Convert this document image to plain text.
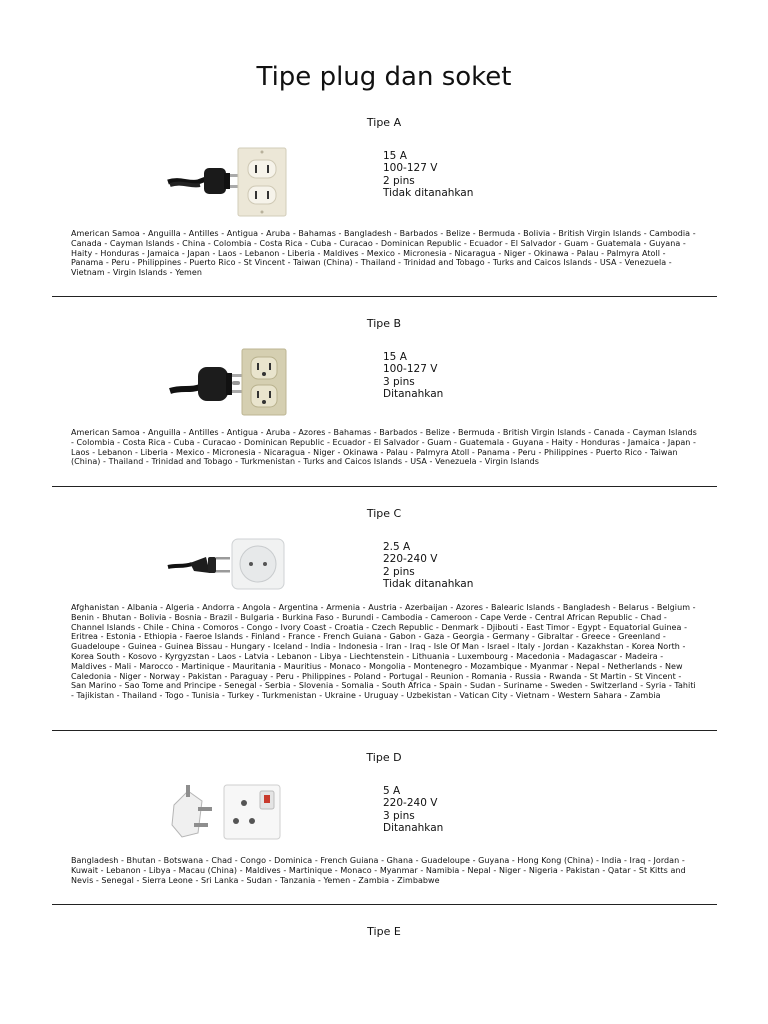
Tipe plug dan soket
Tipe A
15 A
100-127 V
2 pins
Tidak ditanahkan
American Samoa - Anguilla - Antilles - Antigua - Aruba - Bahamas - Bangladesh - Barbados - Belize - Bermuda - Bolivia - British Virgin Islands - Cambodia - Canada - Cayman Islands - China - Colombia - Costa Rica - Cuba - Curacao - Dominican Republic - Ecuador - El Salvador - Guam - Guatemala - Guyana - Haity - Honduras - Jamaica - Japan - Laos - Lebanon - Liberia - Maldives - Mexico - Micronesia - Nicaragua - Niger - Okinawa - Palau - Palmyra Atoll - Panama - Peru - Philippines - Puerto Rico - St Vincent - Taiwan (China) - Thailand - Trinidad and Tobago - Turks and Caicos Islands - USA - Venezuela - Vietnam - Virgin Islands - Yemen
Tipe B
15 A
100-127 V
3 pins
Ditanahkan
American Samoa - Anguilla - Antilles - Antigua - Aruba - Azores - Bahamas - Barbados - Belize - Bermuda - British Virgin Islands - Canada - Cayman Islands - Colombia - Costa Rica - Cuba - Curacao - Dominican Republic - Ecuador - El Salvador - Guam - Guatemala - Guyana - Haity - Honduras - Jamaica - Japan - Laos - Lebanon - Liberia - Mexico - Micronesia - Nicaragua - Niger - Okinawa - Palau - Palmyra Atoll - Panama - Peru - Philippines - Puerto Rico - Taiwan (China) - Thailand - Trinidad and Tobago - Turkmenistan - Turks and Caicos Islands - USA - Venezuela - Virgin Islands
Tipe C
2.5 A
220-240 V
2 pins
Tidak ditanahkan
Afghanistan - Albania - Algeria - Andorra - Angola - Argentina - Armenia - Austria - Azerbaijan - Azores - Balearic Islands - Bangladesh - Belarus - Belgium - Benin - Bhutan - Bolivia - Bosnia - Brazil - Bulgaria - Burkina Faso - Burundi - Cambodia - Cameroon - Cape Verde - Central African Republic - Chad - Channel Islands - Chile - China - Comoros - Congo - Ivory Coast - Croatia - Czech Republic - Denmark - Djibouti - East Timor - Egypt - Equatorial Guinea - Eritrea - Estonia - Ethiopia - Faeroe Islands - Finland - France - French Guiana - Gabon - Gaza - Georgia - Germany - Gibraltar - Greece - Greenland - Guadeloupe - Guinea - Guinea Bissau - Hungary - Iceland - India - Indonesia - Iran - Iraq - Isle Of Man - Israel - Italy - Jordan - Kazakhstan - Korea North - Korea South - Kosovo - Kyrgyzstan - Laos - Latvia - Lebanon - Libya - Liechtenstein - Lithuania - Luxembourg - Macedonia - Madagascar - Madeira - Maldives - Mali - Marocco - Martinique - Mauritania - Mauritius - Monaco - Mongolia - Montenegro - Mozambique - Myanmar - Nepal - Netherlands - New Caledonia - Niger - Norway - Pakistan - Paraguay - Peru - Philippines - Poland - Portugal - Reunion - Romania - Russia - Rwanda - St Martin - St Vincent - San Marino - Sao Tome and Principe - Senegal - Serbia - Slovenia - Somalia - South Africa - Spain - Sudan - Suriname - Sweden - Switzerland - Syria - Tahiti - Tajikistan - Thailand - Togo - Tunisia - Turkey - Turkmenistan - Ukraine - Uruguay - Uzbekistan - Vatican City - Vietnam - Western Sahara - Zambia
Tipe D
5 A
220-240 V
3 pins
Ditanahkan
Bangladesh - Bhutan - Botswana - Chad - Congo - Dominica - French Guiana - Ghana - Guadeloupe - Guyana - Hong Kong (China) - India - Iraq - Jordan - Kuwait - Lebanon - Libya - Macau (China) - Maldives - Martinique - Monaco - Myanmar - Namibia - Nepal - Niger - Nigeria - Pakistan - Qatar - St Kitts and Nevis - Senegal - Sierra Leone - Sri Lanka - Sudan - Tanzania - Yemen - Zambia - Zimbabwe
Tipe E
